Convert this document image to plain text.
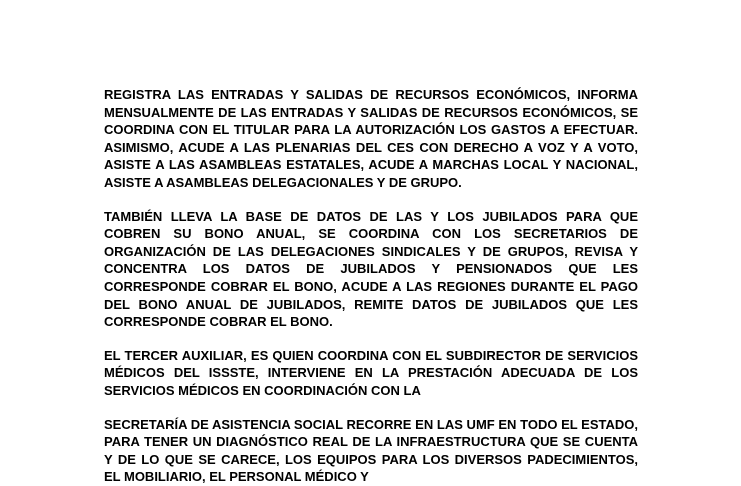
REGISTRA LAS ENTRADAS Y SALIDAS DE RECURSOS ECONÓMICOS, INFORMA MENSUALMENTE DE LAS ENTRADAS Y SALIDAS DE RECURSOS ECONÓMICOS, SE COORDINA CON EL TITULAR PARA LA AUTORIZACIÓN LOS GASTOS A EFECTUAR. ASIMISMO, ACUDE A LAS PLENARIAS DEL CES CON DERECHO A VOZ Y A VOTO, ASISTE A LAS ASAMBLEAS ESTATALES, ACUDE A MARCHAS LOCAL Y NACIONAL, ASISTE A ASAMBLEAS DELEGACIONALES Y DE GRUPO.

TAMBIÉN LLEVA LA BASE DE DATOS DE LAS Y LOS JUBILADOS PARA QUE COBREN SU BONO ANUAL, SE COORDINA CON LOS SECRETARIOS DE ORGANIZACIÓN DE LAS DELEGACIONES SINDICALES Y DE GRUPOS, REVISA Y CONCENTRA LOS DATOS DE JUBILADOS Y PENSIONADOS QUE LES CORRESPONDE COBRAR EL BONO, ACUDE A LAS REGIONES DURANTE EL PAGO DEL BONO ANUAL DE JUBILADOS, REMITE DATOS DE JUBILADOS QUE LES CORRESPONDE COBRAR EL BONO.

EL TERCER AUXILIAR, ES QUIEN COORDINA CON EL SUBDIRECTOR DE SERVICIOS MÉDICOS DEL ISSSTE, INTERVIENE EN LA PRESTACIÓN ADECUADA DE LOS SERVICIOS MÉDICOS EN COORDINACIÓN CON LA

SECRETARÍA DE ASISTENCIA SOCIAL RECORRE EN LAS UMF EN TODO EL ESTADO, PARA TENER UN DIAGNÓSTICO REAL DE LA INFRAESTRUCTURA QUE SE CUENTA Y DE LO QUE SE CARECE, LOS EQUIPOS PARA LOS DIVERSOS PADECIMIENTOS, EL MOBILIARIO, EL PERSONAL MÉDICO Y
